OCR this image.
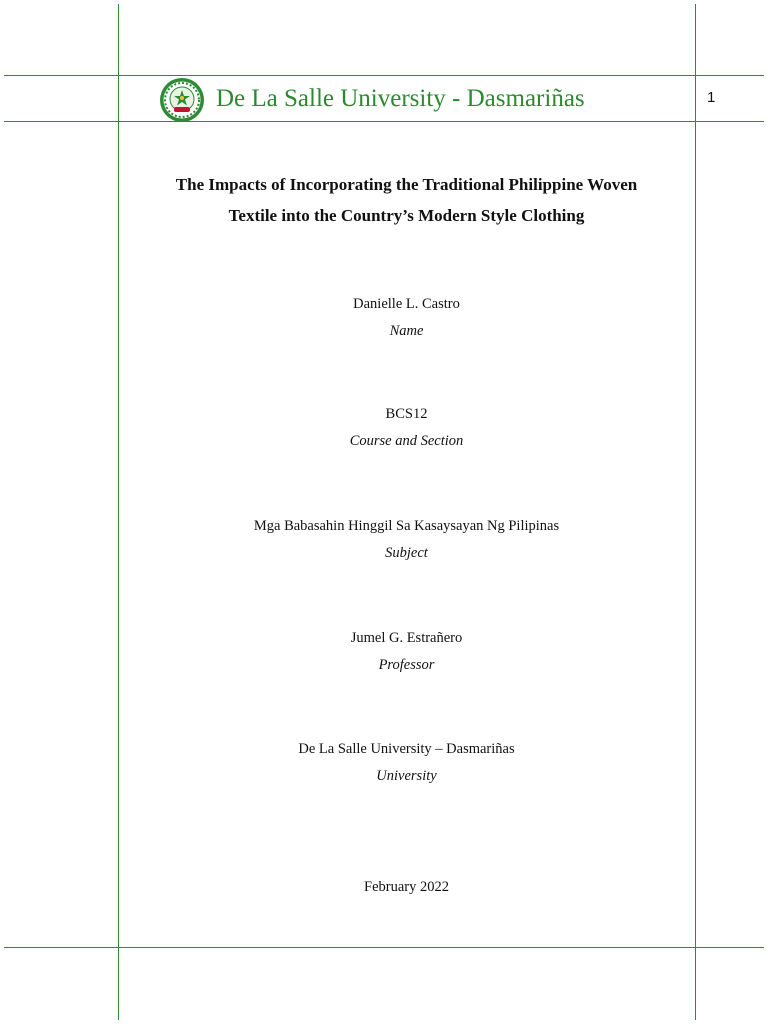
De La Salle University - Dasmariñas	1
The Impacts of Incorporating the Traditional Philippine Woven
Textile into the Country’s Modern Style Clothing
Danielle L. Castro
Name
BCS12
Course and Section
Mga Babasahin Hinggil Sa Kasaysayan Ng Pilipinas
Subject
Jumel G. Estrañero
Professor
De La Salle University – Dasmariñas
University
February 2022
